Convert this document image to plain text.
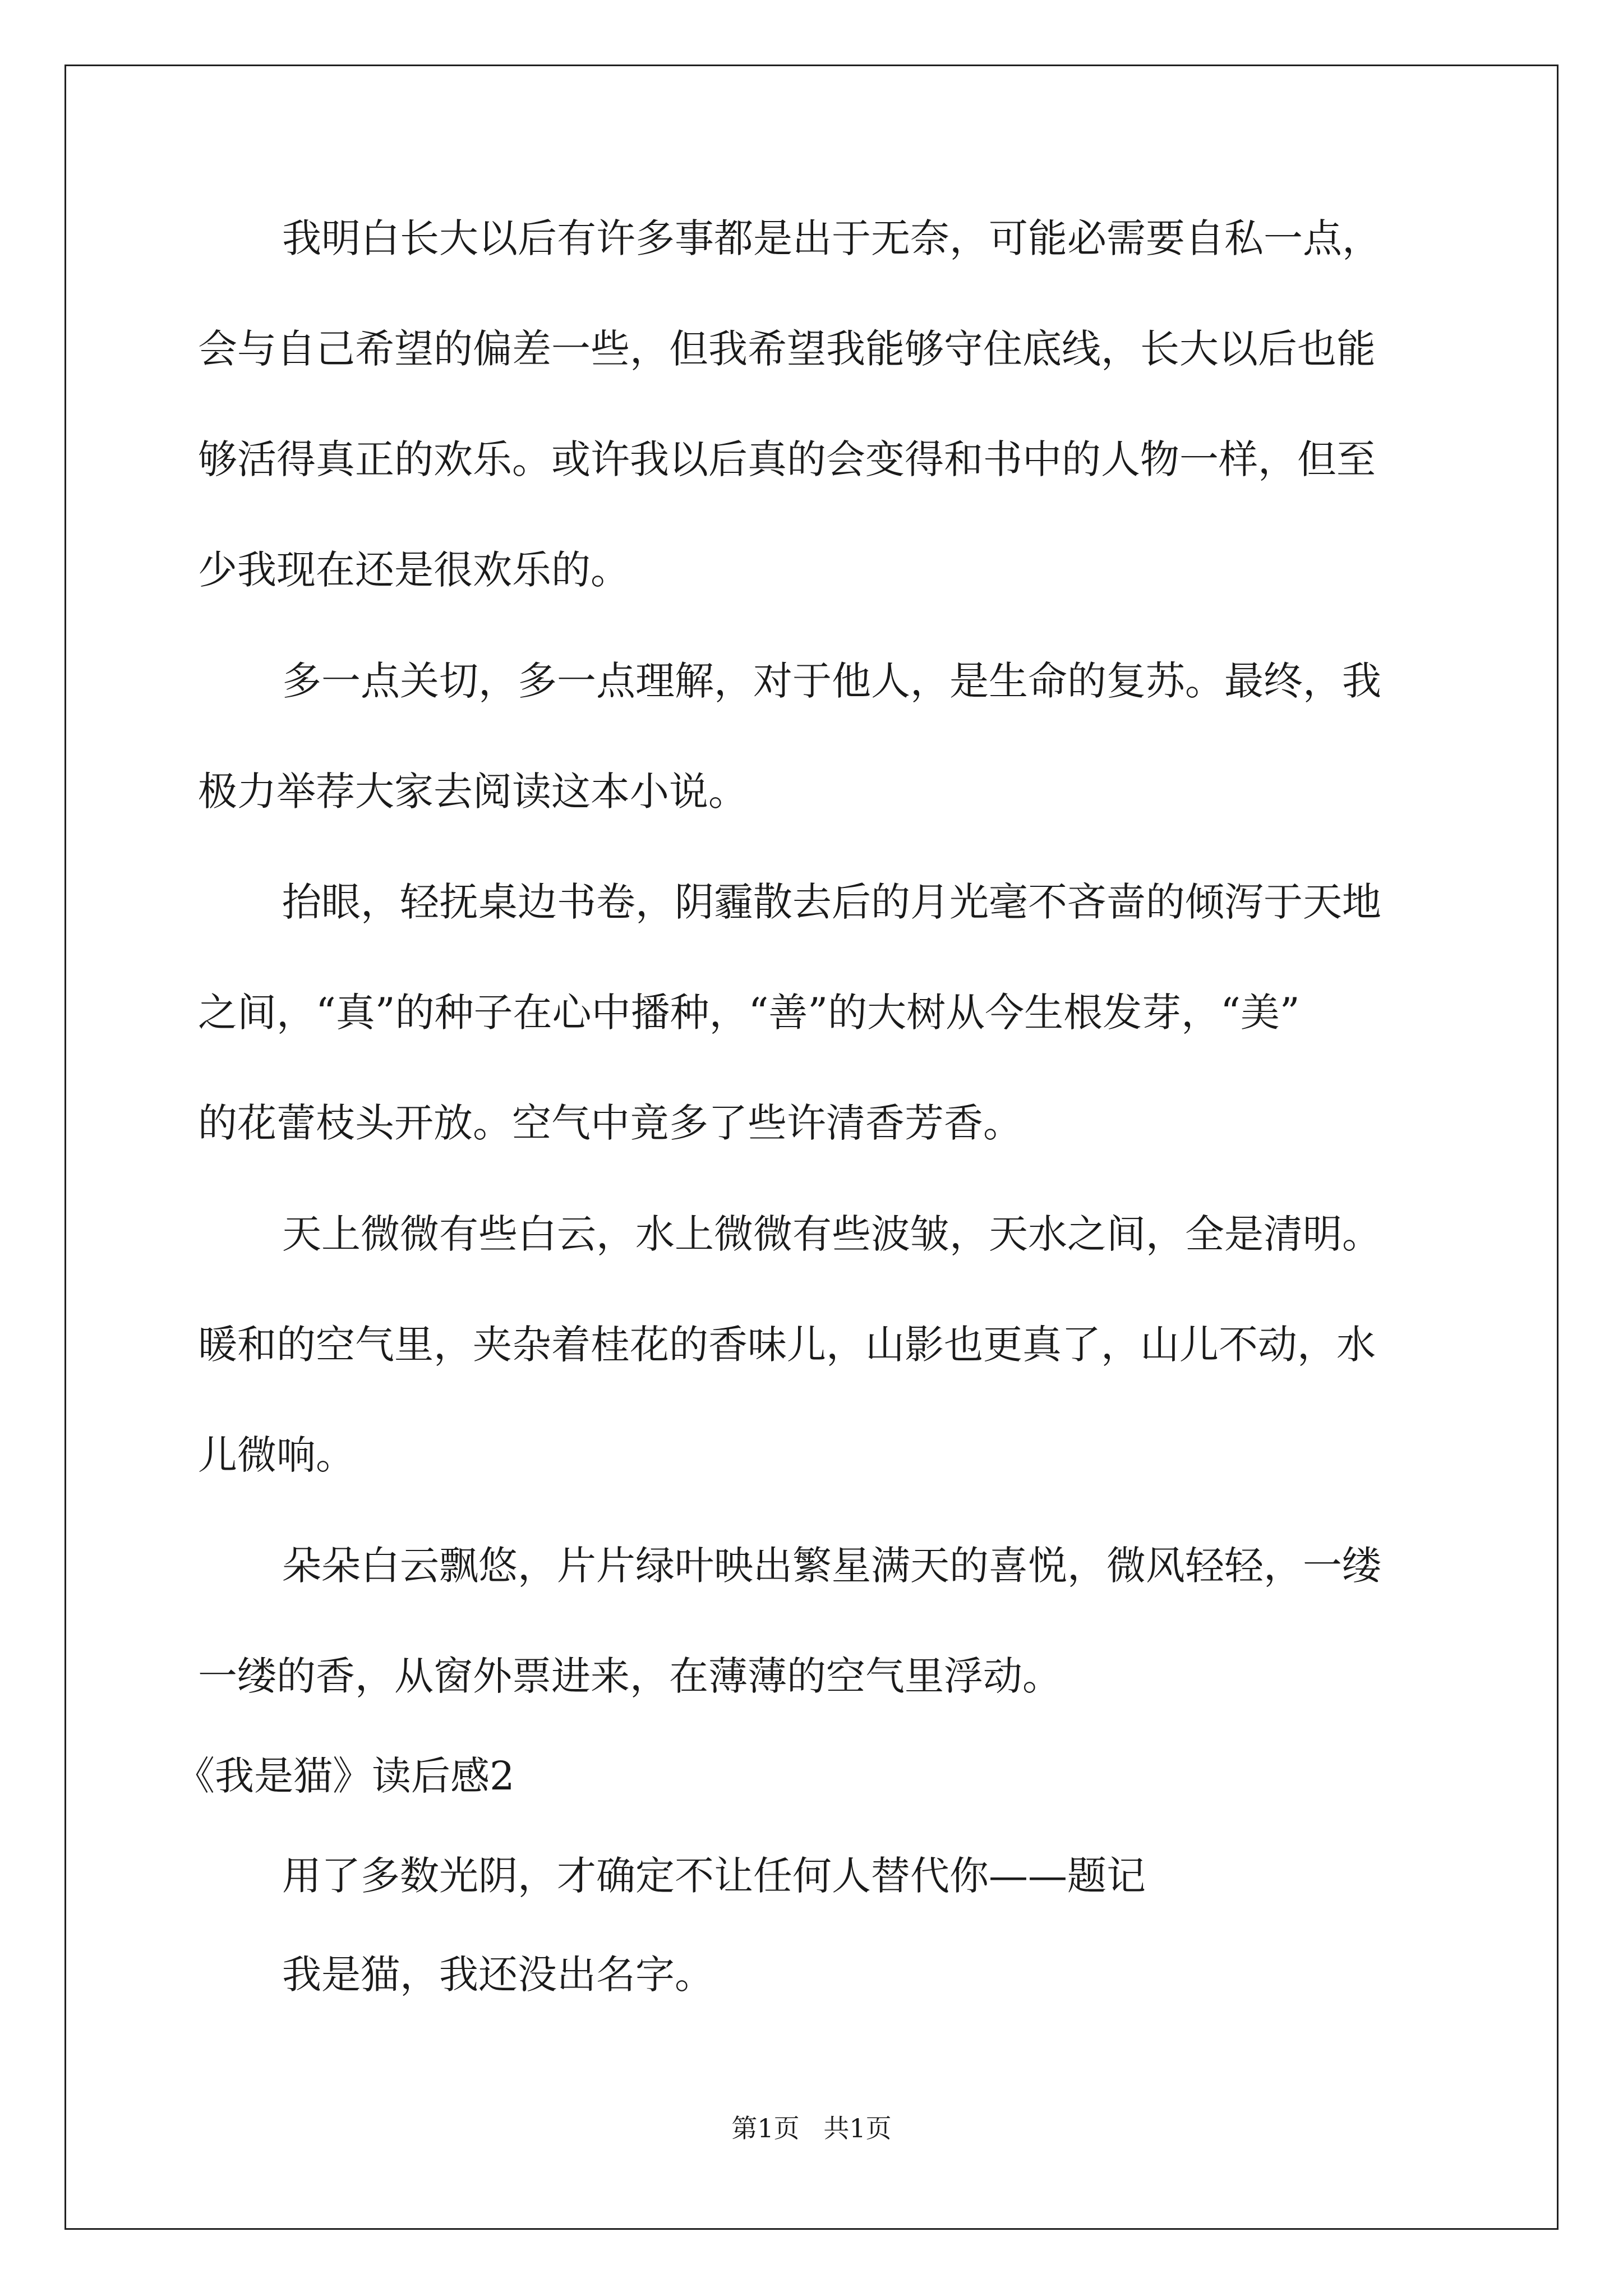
我明白长大以后有许多事都是出于无奈，可能必需要自私一点，
会与自己希望的偏差一些，但我希望我能够守住底线，长大以后也能
够活得真正的欢乐。或许我以后真的会变得和书中的人物一样，但至
少我现在还是很欢乐的。
多一点关切，多一点理解，对于他人，是生命的复苏。最终，我
极力举荐大家去阅读这本小说。
抬眼，轻抚桌边书卷，阴霾散去后的月光毫不吝啬的倾泻于天地
之间，“真”的种子在心中播种，“善”的大树从今生根发芽，“美”
的花蕾枝头开放。空气中竟多了些许清香芳香。
天上微微有些白云，水上微微有些波皱，天水之间，全是清明。
暖和的空气里，夹杂着桂花的香味儿，山影也更真了，山儿不动，水
儿微响。
朵朵白云飘悠，片片绿叶映出繁星满天的喜悦，微风轻轻，一缕
一缕的香，从窗外票进来，在薄薄的空气里浮动。
《我是猫》读后感2
用了多数光阴，才确定不让任何人替代你——题记
我是猫，我还没出名字。
第1页 共1页
